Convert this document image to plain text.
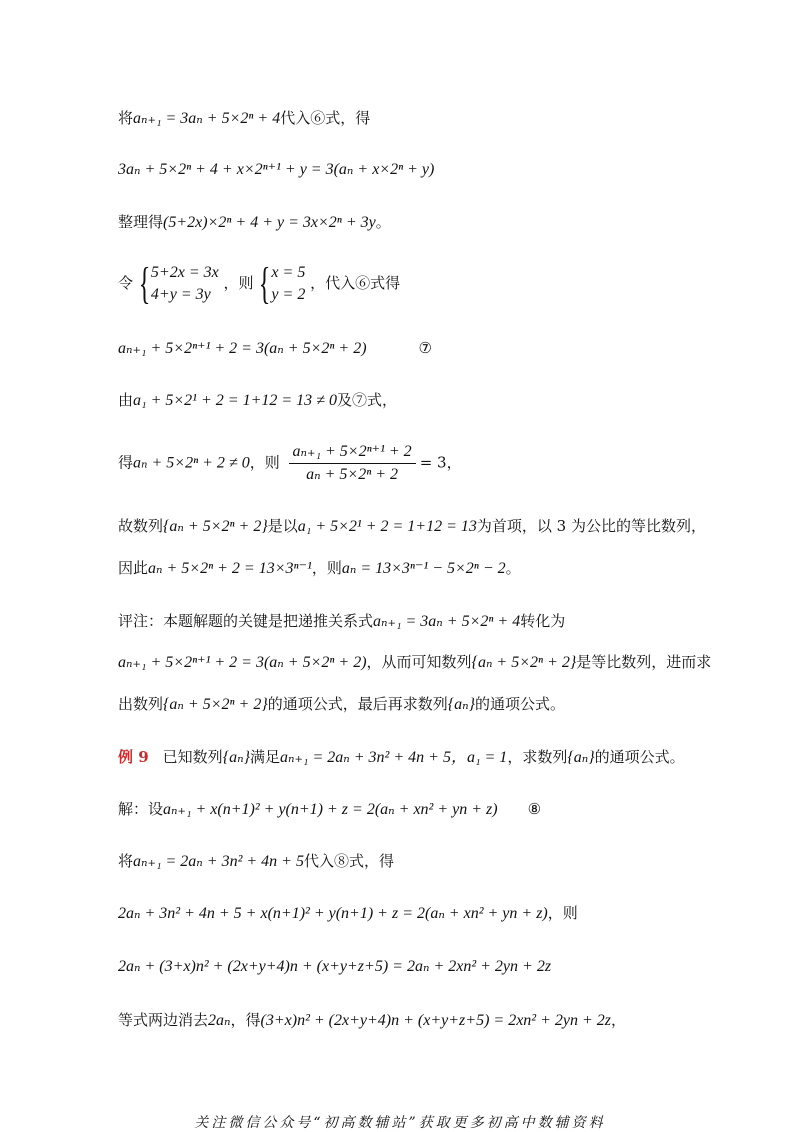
将aₙ₊₁ = 3aₙ + 5×2ⁿ + 4代入⑥式，得
3aₙ + 5×2ⁿ + 4 + x×2ⁿ⁺¹ + y = 3(aₙ + x×2ⁿ + y)
整理得(5+2x)×2ⁿ + 4 + y = 3x×2ⁿ + 3y。
令 { 5+2x = 3x
4+y = 3y
，则 { x = 5
y = 2
，代入⑥式得
aₙ₊₁ + 5×2ⁿ⁺¹ + 2 = 3(aₙ + 5×2ⁿ + 2)	⑦
由a₁ + 5×2¹ + 2 = 1+12 = 13 ≠ 0及⑦式，
得aₙ + 5×2ⁿ + 2 ≠ 0，则 $\frac{\text{aₙ₊₁ + 5×2ⁿ⁺¹ + 2}}{\text{aₙ + 5×2ⁿ + 2}} = 3$，
故数列{aₙ + 5×2ⁿ + 2}是以a₁ + 5×2¹ + 2 = 1+12 = 13为首项，以 3 为公比的等比数列，
因此aₙ + 5×2ⁿ + 2 = 13×3ⁿ⁻¹，则aₙ = 13×3ⁿ⁻¹ − 5×2ⁿ − 2。
评注：本题解题的关键是把递推关系式aₙ₊₁ = 3aₙ + 5×2ⁿ + 4转化为
aₙ₊₁ + 5×2ⁿ⁺¹ + 2 = 3(aₙ + 5×2ⁿ + 2)，从而可知数列{aₙ + 5×2ⁿ + 2}是等比数列，进而求
出数列{aₙ + 5×2ⁿ + 2}的通项公式，最后再求数列{aₙ}的通项公式。
例 9 已知数列{aₙ}满足aₙ₊₁ = 2aₙ + 3n² + 4n + 5，a₁ = 1，求数列{aₙ}的通项公式。
解：设aₙ₊₁ + x(n+1)² + y(n+1) + z = 2(aₙ + xn² + yn + z) ⑧
将aₙ₊₁ = 2aₙ + 3n² + 4n + 5代入⑧式，得
2aₙ + 3n² + 4n + 5 + x(n+1)² + y(n+1) + z = 2(aₙ + xn² + yn + z)，则
2aₙ + (3+x)n² + (2x+y+4)n + (x+y+z+5) = 2aₙ + 2xn² + 2yn + 2z
等式两边消去2aₙ，得(3+x)n² + (2x+y+4)n + (x+y+z+5) = 2xn² + 2yn + 2z，
关注微信公众号“初高数辅站”获取更多初高中数辅资料
